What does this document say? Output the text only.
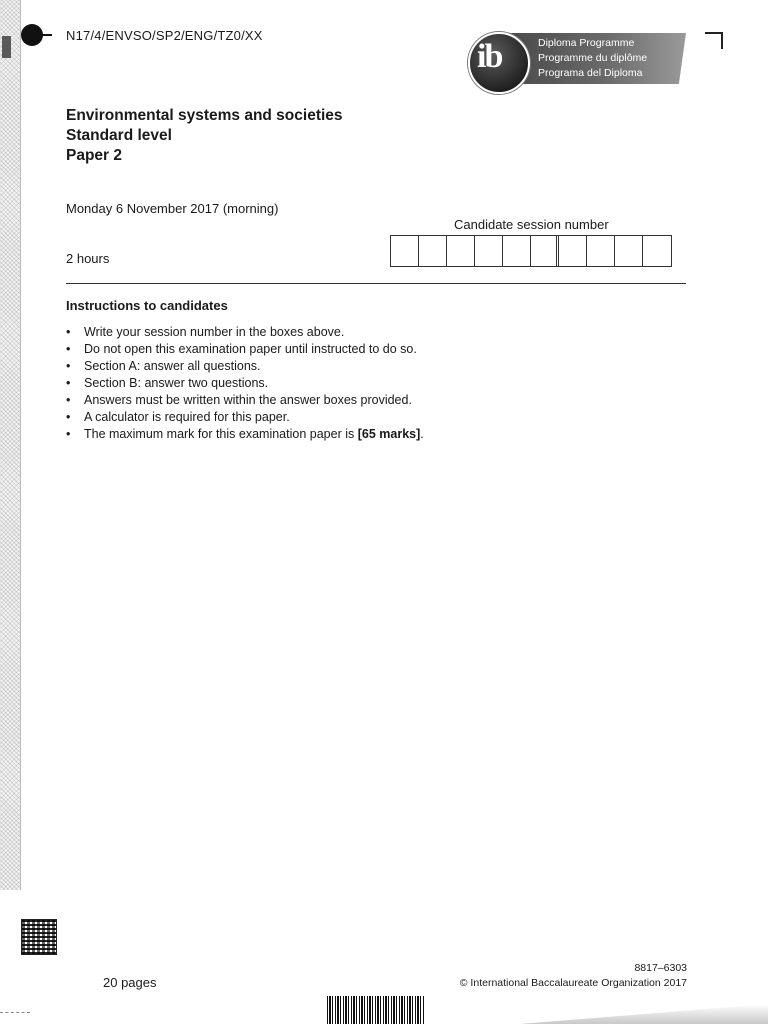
N17/4/ENVSO/SP2/ENG/TZ0/XX	Diploma Programme
Programme du diplôme
Programa del Diploma
ib
Environmental systems and societies
Standard level
Paper 2
Monday 6 November 2017 (morning)
Candidate session number
2 hours
Instructions to candidates
• Write your session number in the boxes above.
• Do not open this examination paper until instructed to do so.
• Section A: answer all questions.
• Section B: answer two questions.
• Answers must be written within the answer boxes provided.
• A calculator is required for this paper.
• The maximum mark for this examination paper is [65 marks].
20 pages
8817–6303
© International Baccalaureate Organization 2017
